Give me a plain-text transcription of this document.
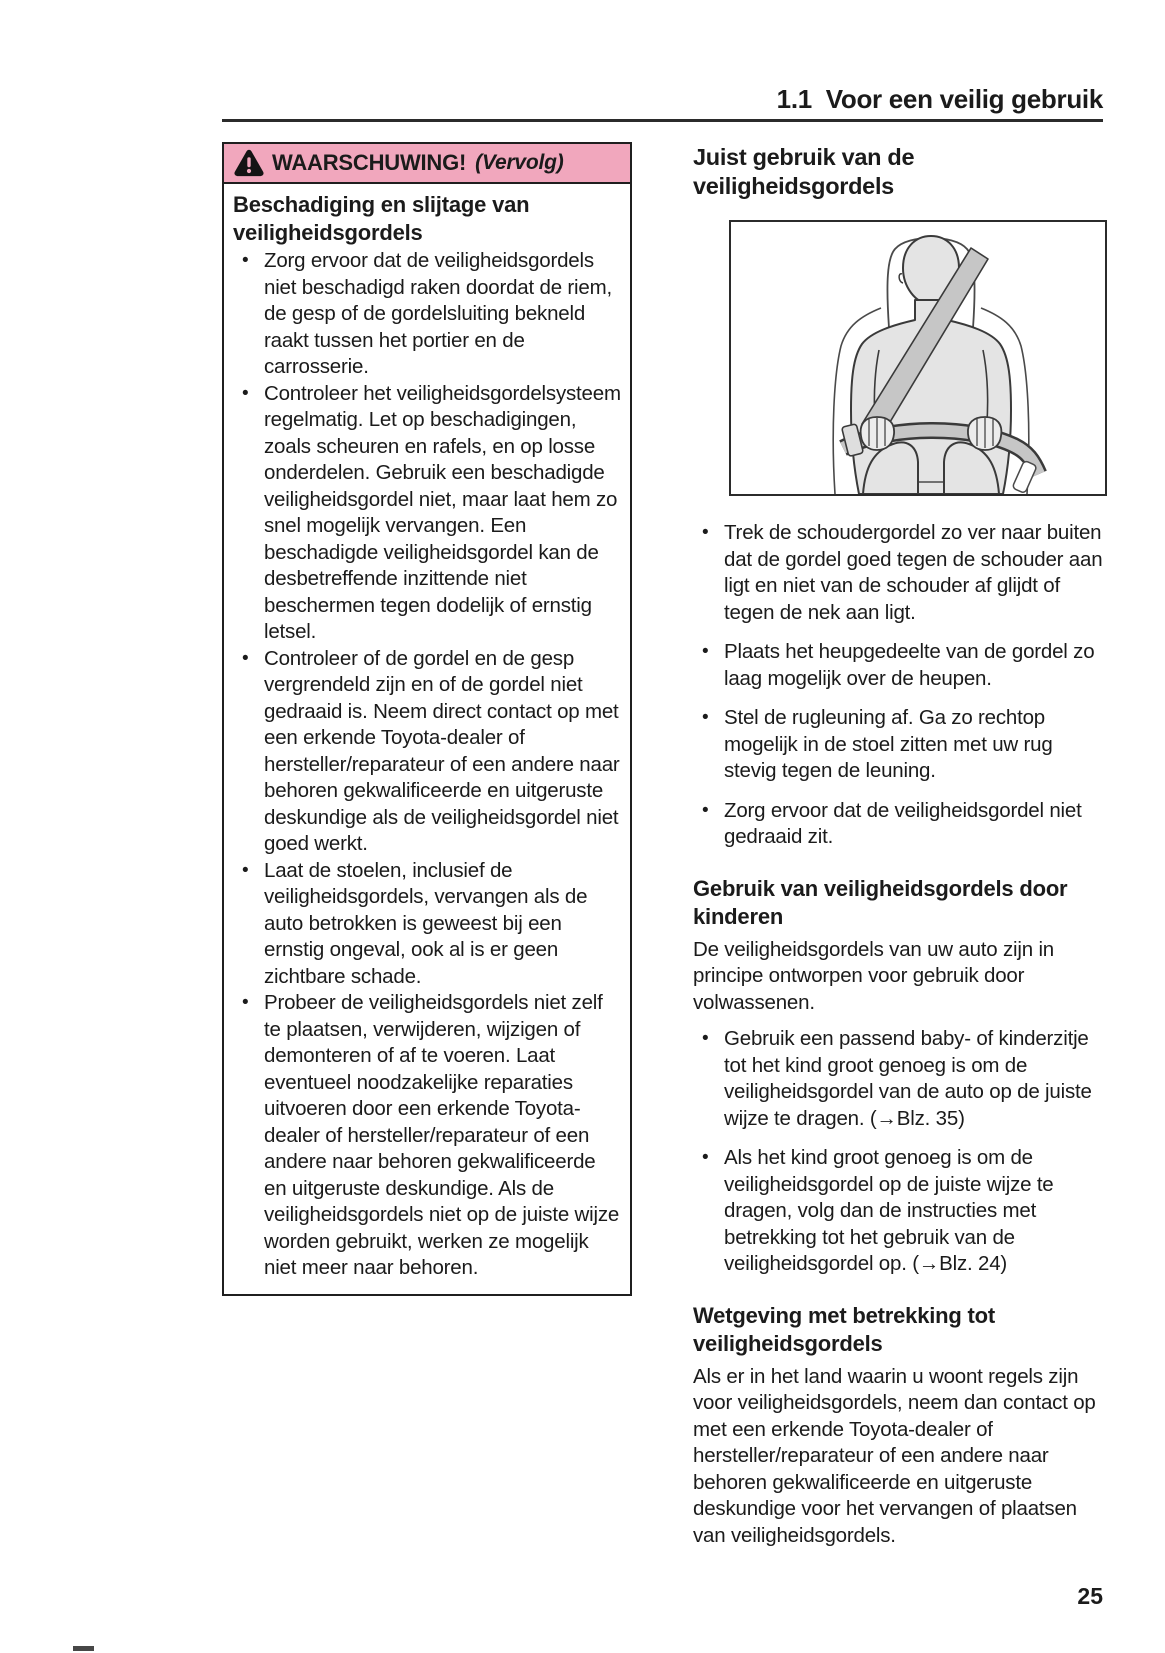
1.1  Voor een veilig gebruik
WAARSCHUWING! (Vervolg)
Beschadiging en slijtage van veiligheidsgordels
• Zorg ervoor dat de veiligheidsgordels niet beschadigd raken doordat de riem, de gesp of de gordelsluiting bekneld raakt tussen het portier en de carrosserie.
• Controleer het veiligheidsgordelsysteem regelmatig. Let op beschadigingen, zoals scheuren en rafels, en op losse onderdelen. Gebruik een beschadigde veiligheidsgordel niet, maar laat hem zo snel mogelijk vervangen. Een beschadigde veiligheidsgordel kan de desbetreffende inzittende niet beschermen tegen dodelijk of ernstig letsel.
• Controleer of de gordel en de gesp vergrendeld zijn en of de gordel niet gedraaid is. Neem direct contact op met een erkende Toyota-dealer of hersteller/reparateur of een andere naar behoren gekwalificeerde en uitgeruste deskundige als de veiligheidsgordel niet goed werkt.
• Laat de stoelen, inclusief de veiligheidsgordels, vervangen als de auto betrokken is geweest bij een ernstig ongeval, ook al is er geen zichtbare schade.
• Probeer de veiligheidsgordels niet zelf te plaatsen, verwijderen, wijzigen of demonteren of af te voeren. Laat eventueel noodzakelijke reparaties uitvoeren door een erkende Toyota-dealer of hersteller/reparateur of een andere naar behoren gekwalificeerde en uitgeruste deskundige. Als de veiligheidsgordels niet op de juiste wijze worden gebruikt, werken ze mogelijk niet meer naar behoren.
Juist gebruik van de veiligheidsgordels
• Trek de schoudergordel zo ver naar buiten dat de gordel goed tegen de schouder aan ligt en niet van de schouder af glijdt of tegen de nek aan ligt.
• Plaats het heupgedeelte van de gordel zo laag mogelijk over de heupen.
• Stel de rugleuning af. Ga zo rechtop mogelijk in de stoel zitten met uw rug stevig tegen de leuning.
• Zorg ervoor dat de veiligheidsgordel niet gedraaid zit.
Gebruik van veiligheidsgordels door kinderen

De veiligheidsgordels van uw auto zijn in principe ontworpen voor gebruik door volwassenen.

• Gebruik een passend baby- of kinderzitje tot het kind groot genoeg is om de veiligheidsgordel van de auto op de juiste wijze te dragen. (→Blz. 35)
• Als het kind groot genoeg is om de veiligheidsgordel op de juiste wijze te dragen, volg dan de instructies met betrekking tot het gebruik van de veiligheidsgordel op. (→Blz. 24)
Wetgeving met betrekking tot veiligheidsgordels

Als er in het land waarin u woont regels zijn voor veiligheidsgordels, neem dan contact op met een erkende Toyota-dealer of hersteller/reparateur of een andere naar behoren gekwalificeerde en uitgeruste deskundige voor het vervangen of plaatsen van veiligheidsgordels.

25
